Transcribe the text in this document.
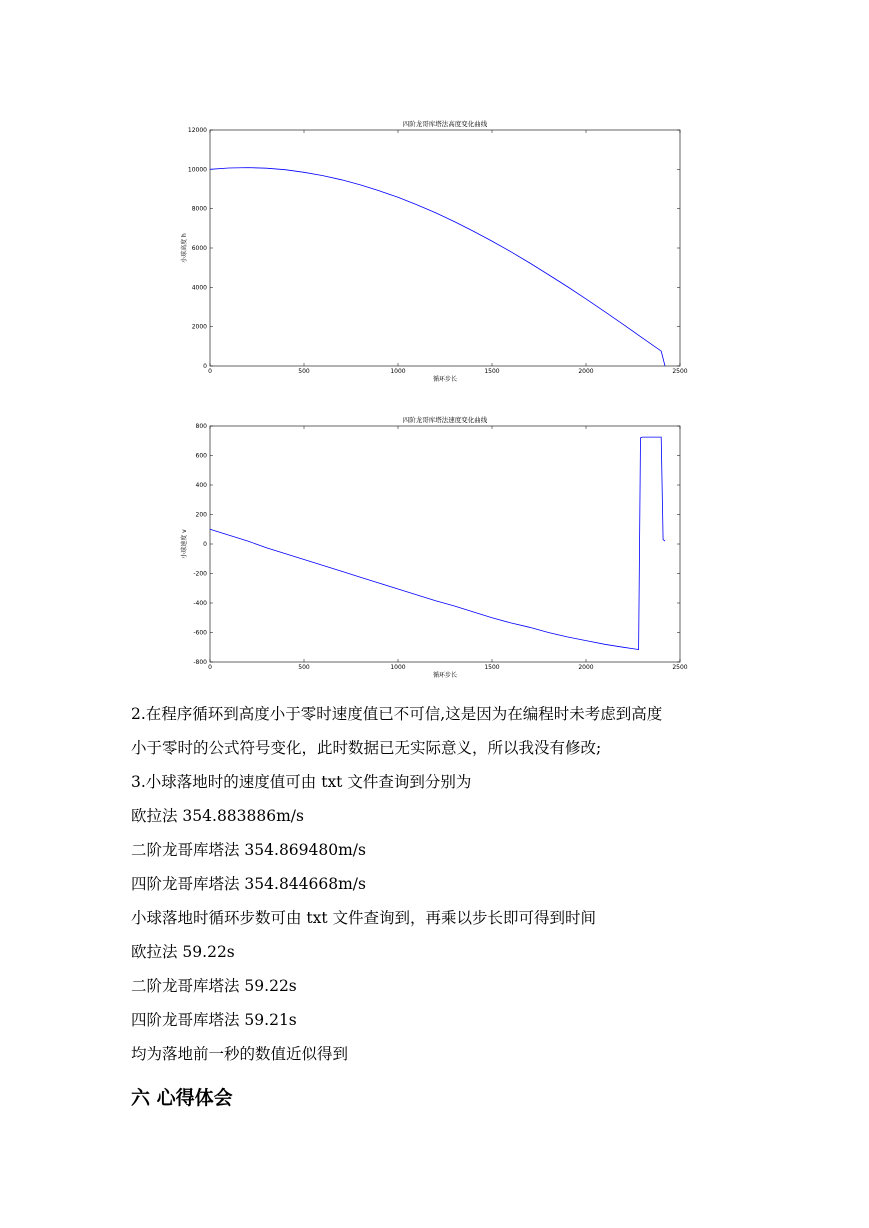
0	500	1000	1500	2000	2500
0
2000
4000
6000
8000
10000
12000
四阶龙哥库塔法高度变化曲线
循环步长
小球高度 h
0	500	1000	1500	2000	2500
-800
-600
-400
-200
0
200
400
600
800
四阶龙哥库塔法速度变化曲线
循环步长
小球速度 v
2.在程序循环到高度小于零时速度值已不可信,这是因为在编程时未考虑到高度
小于零时的公式符号变化，此时数据已无实际意义，所以我没有修改;
3.小球落地时的速度值可由 txt 文件查询到分别为
欧拉法 354.883886m/s
二阶龙哥库塔法 354.869480m/s
四阶龙哥库塔法 354.844668m/s
小球落地时循环步数可由 txt 文件查询到，再乘以步长即可得到时间
欧拉法 59.22s
二阶龙哥库塔法 59.22s
四阶龙哥库塔法 59.21s
均为落地前一秒的数值近似得到
六 心得体会
